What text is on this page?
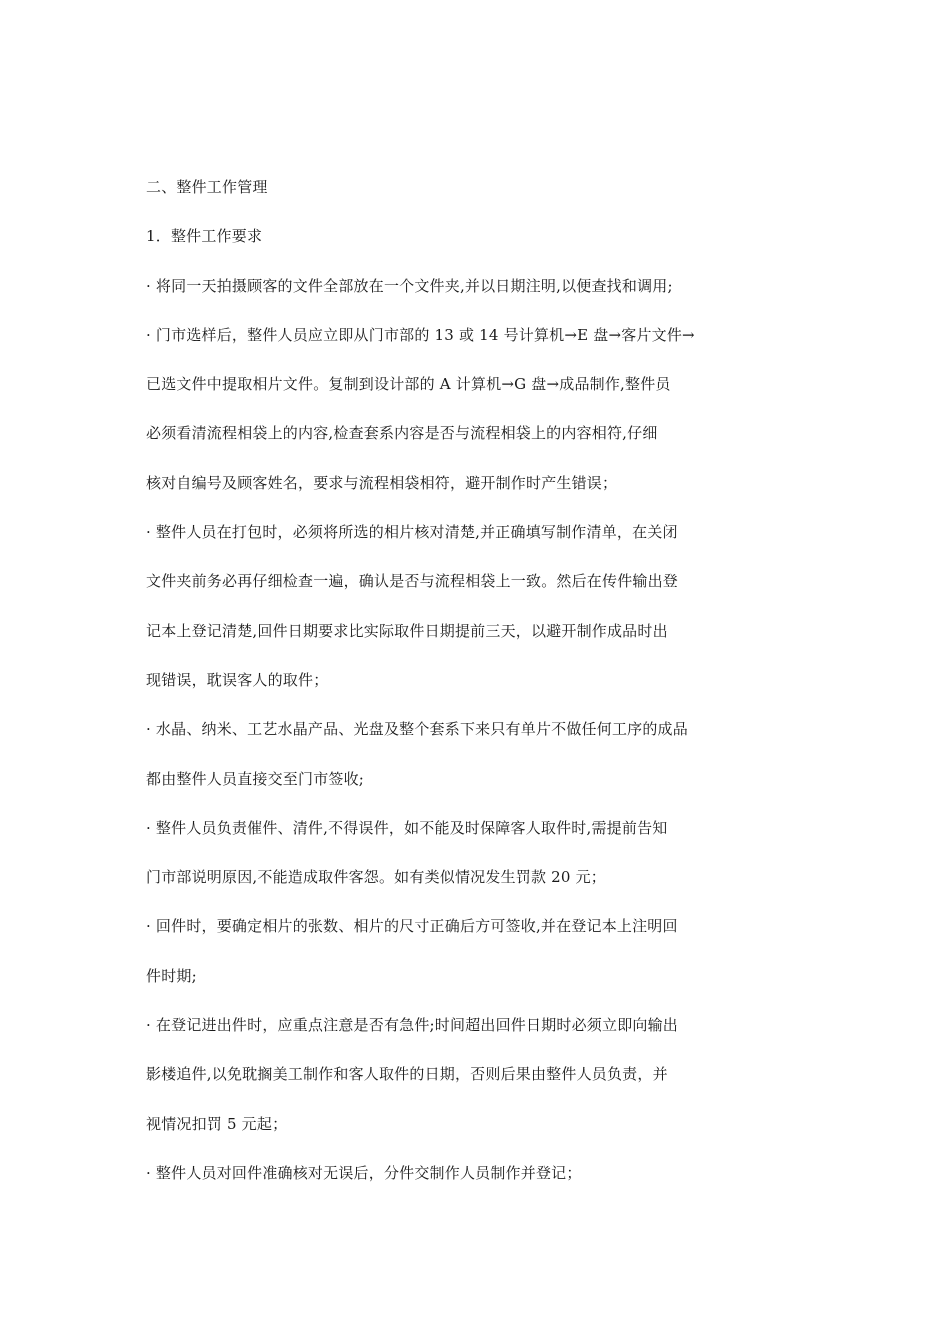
二、整件工作管理
1．整件工作要求
· 将同一天拍摄顾客的文件全部放在一个文件夹,并以日期注明,以便查找和调用;
· 门市选样后，整件人员应立即从门市部的 13 或 14 号计算机→E 盘→客片文件→
已选文件中提取相片文件。复制到设计部的 A 计算机→G 盘→成品制作,整件员
必须看清流程相袋上的内容,检查套系内容是否与流程相袋上的内容相符,仔细
核对自编号及顾客姓名，要求与流程相袋相符，避开制作时产生错误；
· 整件人员在打包时，必须将所选的相片核对清楚,并正确填写制作清单，在关闭
文件夹前务必再仔细检查一遍，确认是否与流程相袋上一致。然后在传件输出登
记本上登记清楚,回件日期要求比实际取件日期提前三天，以避开制作成品时出
现错误，耽误客人的取件；
· 水晶、纳米、工艺水晶产品、光盘及整个套系下来只有单片不做任何工序的成品
都由整件人员直接交至门市签收;
· 整件人员负责催件、清件,不得误件，如不能及时保障客人取件时,需提前告知
门市部说明原因,不能造成取件客怨。如有类似情况发生罚款 20 元；
· 回件时，要确定相片的张数、相片的尺寸正确后方可签收,并在登记本上注明回
件时期;
· 在登记进出件时，应重点注意是否有急件;时间超出回件日期时必须立即向输出
影楼追件,以免耽搁美工制作和客人取件的日期，否则后果由整件人员负责，并
视情况扣罚 5 元起；
· 整件人员对回件准确核对无误后，分件交制作人员制作并登记；
